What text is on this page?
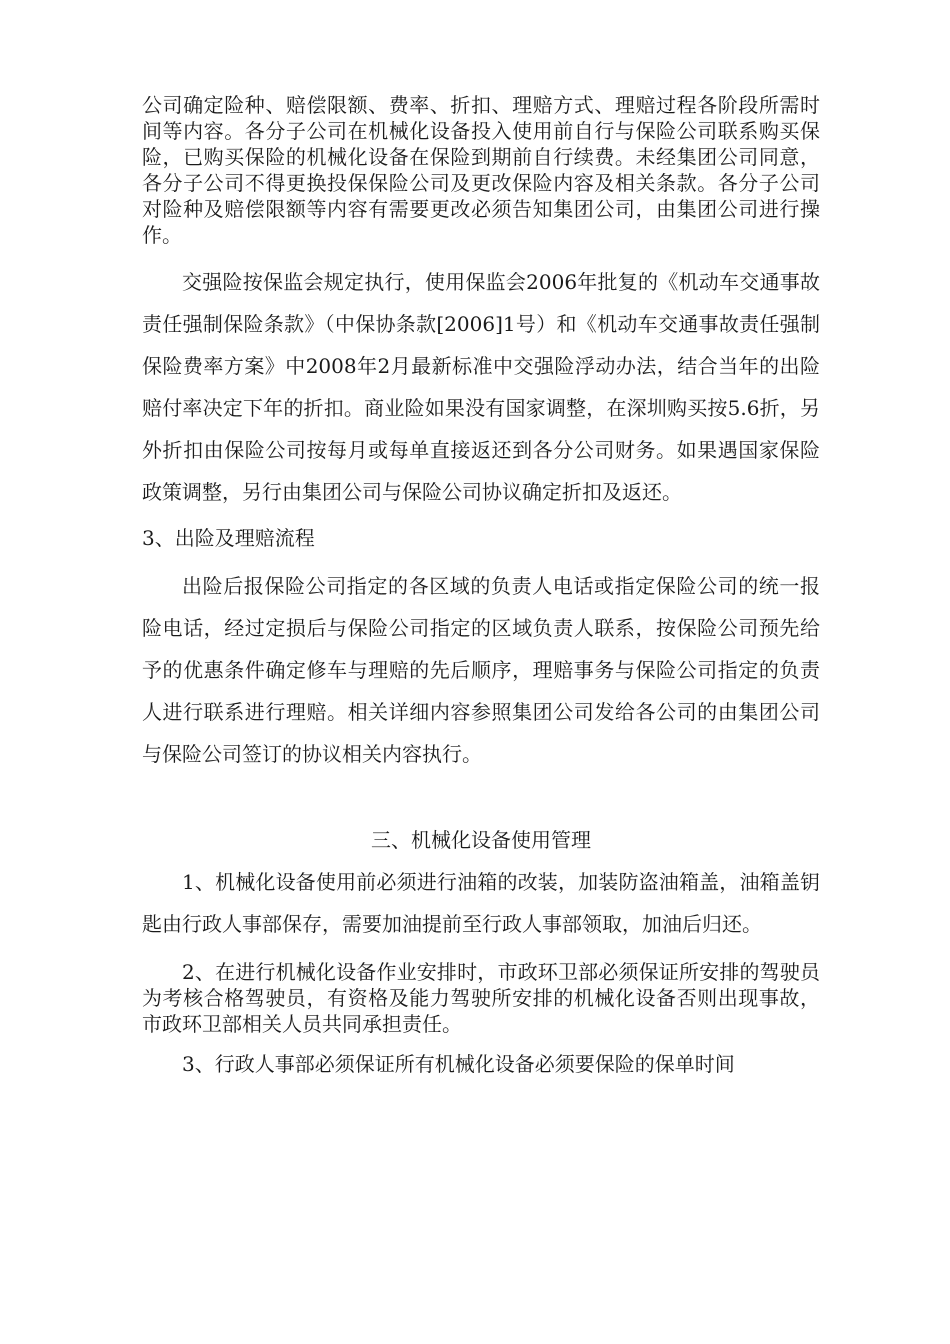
公司确定险种、赔偿限额、费率、折扣、理赔方式、理赔过程各阶段所需时间等内容。各分子公司在机械化设备投入使用前自行与保险公司联系购买保险，已购买保险的机械化设备在保险到期前自行续费。未经集团公司同意，各分子公司不得更换投保保险公司及更改保险内容及相关条款。各分子公司对险种及赔偿限额等内容有需要更改必须告知集团公司，由集团公司进行操作。

交强险按保监会规定执行，使用保监会2006年批复的《机动车交通事故责任强制保险条款》（中保协条款[2006]1号）和《机动车交通事故责任强制保险费率方案》中2008年2月最新标准中交强险浮动办法，结合当年的出险赔付率决定下年的折扣。商业险如果没有国家调整，在深圳购买按5.6折，另外折扣由保险公司按每月或每单直接返还到各分公司财务。如果遇国家保险政策调整，另行由集团公司与保险公司协议确定折扣及返还。

3、出险及理赔流程

出险后报保险公司指定的各区域的负责人电话或指定保险公司的统一报险电话，经过定损后与保险公司指定的区域负责人联系，按保险公司预先给予的优惠条件确定修车与理赔的先后顺序，理赔事务与保险公司指定的负责人进行联系进行理赔。相关详细内容参照集团公司发给各公司的由集团公司与保险公司签订的协议相关内容执行。

三、机械化设备使用管理

1、机械化设备使用前必须进行油箱的改装，加装防盗油箱盖，油箱盖钥匙由行政人事部保存，需要加油提前至行政人事部领取，加油后归还。

2、在进行机械化设备作业安排时，市政环卫部必须保证所安排的驾驶员为考核合格驾驶员，有资格及能力驾驶所安排的机械化设备否则出现事故，市政环卫部相关人员共同承担责任。

3、行政人事部必须保证所有机械化设备必须要保险的保单时间
